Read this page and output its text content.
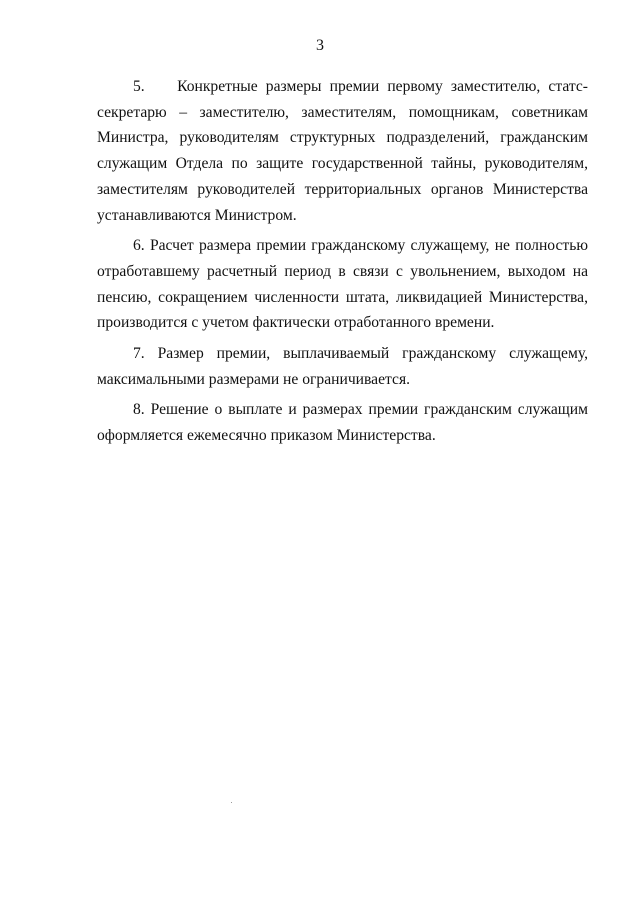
3

5.    Конкретные размеры премии первому заместителю, статс-секретарю – заместителю, заместителям, помощникам, советникам Министра, руководителям структурных подразделений, гражданским служащим Отдела по защите государственной тайны, руководителям, заместителям руководителей территориальных органов Министерства устанавливаются Министром.

6. Расчет размера премии гражданскому служащему, не полностью отработавшему расчетный период в связи с увольнением, выходом на пенсию, сокращением численности штата, ликвидацией Министерства, производится с учетом фактически отработанного времени.

7. Размер премии, выплачиваемый гражданскому служащему, максимальными размерами не ограничивается.

8. Решение о выплате и размерах премии гражданским служащим оформляется ежемесячно приказом Министерства.
